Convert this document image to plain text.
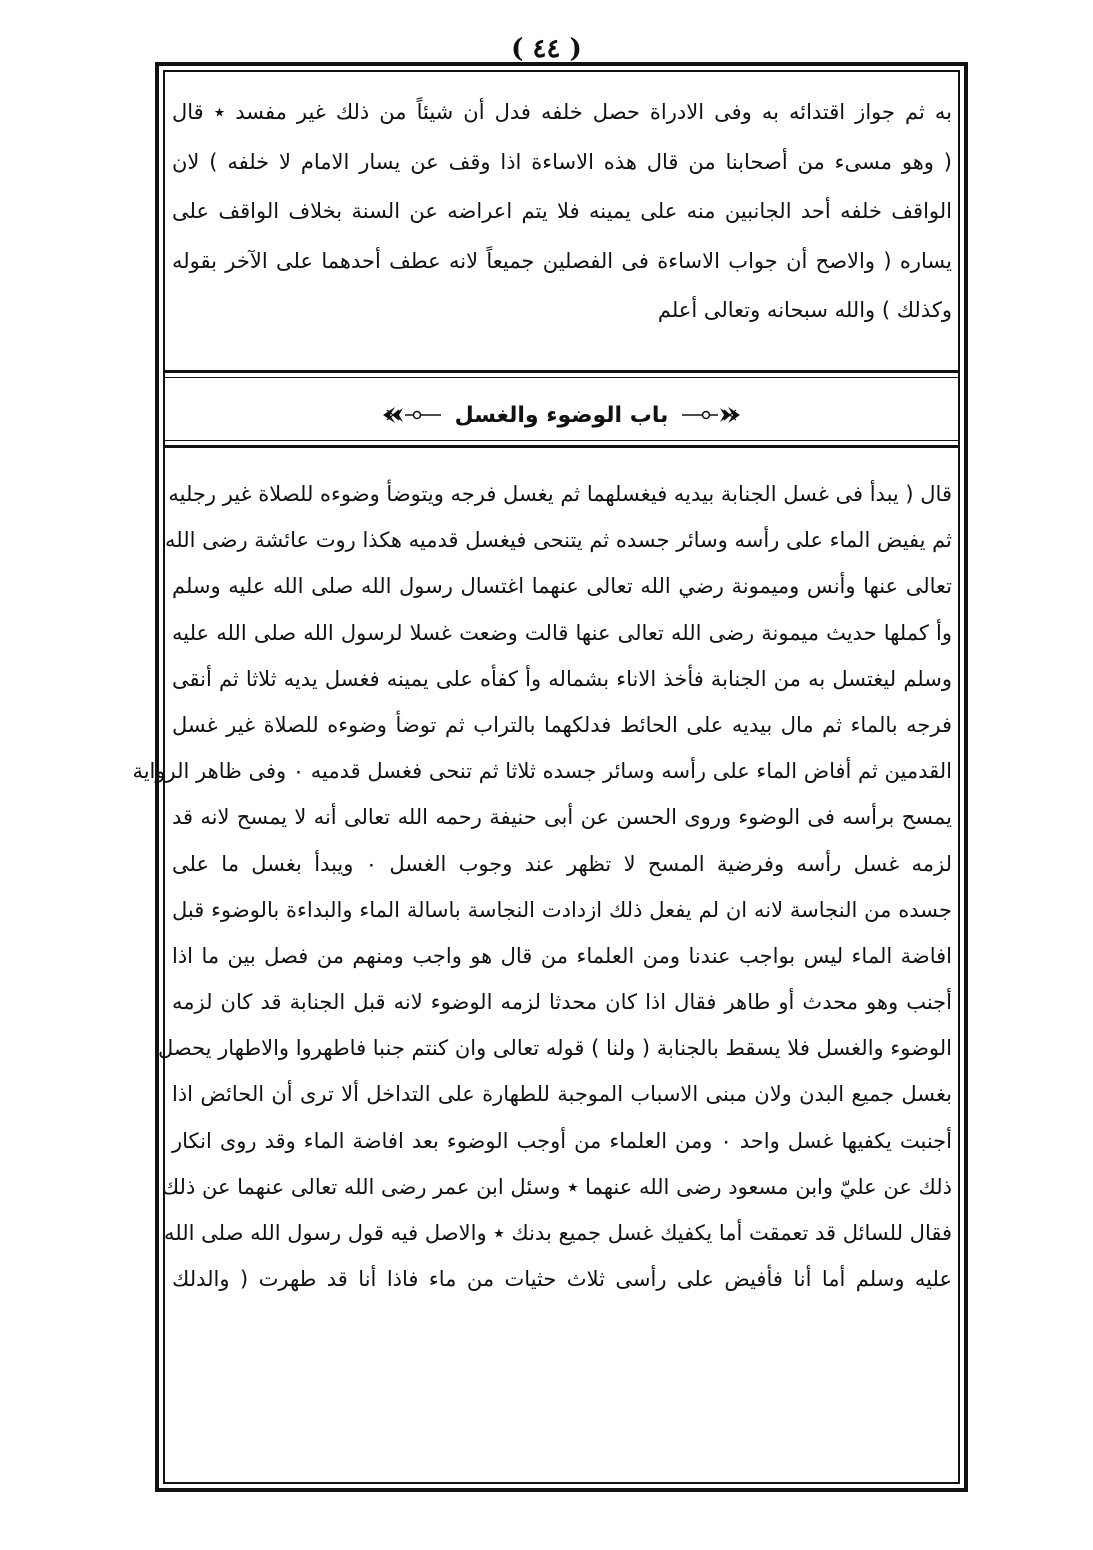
( ٤٤ )
به ثم جواز اقتدائه به وفى الادراة حصل خلفه فدل أن شيئاً من ذلك غير مفسد ٭ قال
( وهو مسىء من أصحابنا من قال هذه الاساءة اذا وقف عن يسار الامام لا خلفه ) لان
الواقف خلفه أحد الجانبين منه على يمينه فلا يتم اعراضه عن السنة بخلاف الواقف على
يساره ( والاصح أن جواب الاساءة فى الفصلين جميعاً لانه عطف أحدهما على الآخر بقوله
وكذلك ) والله سبحانه وتعالى أعلم
باب الوضوء والغسل
قال ( يبدأ فى غسل الجنابة بيديه فيغسلهما ثم يغسل فرجه ويتوضأ وضوءه للصلاة غير رجليه
ثم يفيض الماء على رأسه وسائر جسده ثم يتنحى فيغسل قدميه هكذا روت عائشة رضى الله
تعالى عنها وأنس وميمونة رضي الله تعالى عنهما اغتسال رسول الله صلى الله عليه وسلم
وأ كملها حديث ميمونة رضى الله تعالى عنها قالت وضعت غسلا لرسول الله صلى الله عليه
وسلم ليغتسل به من الجنابة فأخذ الاناء بشماله وأ كفأه على يمينه فغسل يديه ثلاثا ثم أنقى
فرجه بالماء ثم مال بيديه على الحائط فدلكهما بالتراب ثم توضأ وضوءه للصلاة غير غسل
القدمين ثم أفاض الماء على رأسه وسائر جسده ثلاثا ثم تنحى فغسل قدميه ٠ وفى ظاهر الرواية
يمسح برأسه فى الوضوء وروى الحسن عن أبى حنيفة رحمه الله تعالى أنه لا يمسح لانه قد
لزمه غسل رأسه وفرضية المسح لا تظهر عند وجوب الغسل ٠ ويبدأ بغسل ما على
جسده من النجاسة لانه ان لم يفعل ذلك ازدادت النجاسة باسالة الماء والبداءة بالوضوء قبل
افاضة الماء ليس بواجب عندنا ومن العلماء من قال هو واجب ومنهم من فصل بين ما اذا
أجنب وهو محدث أو طاهر فقال اذا كان محدثا لزمه الوضوء لانه قبل الجنابة قد كان لزمه
الوضوء والغسل فلا يسقط بالجنابة ( ولنا ) قوله تعالى وان كنتم جنبا فاطهروا والاطهار يحصل
بغسل جميع البدن ولان مبنى الاسباب الموجبة للطهارة على التداخل ألا ترى أن الحائض اذا
أجنبت يكفيها غسل واحد ٠ ومن العلماء من أوجب الوضوء بعد افاضة الماء وقد روى انكار
ذلك عن عليّ وابن مسعود رضى الله عنهما ٭ وسئل ابن عمر رضى الله تعالى عنهما عن ذلك
فقال للسائل قد تعمقت أما يكفيك غسل جميع بدنك ٭ والاصل فيه قول رسول الله صلى الله
عليه وسلم أما أنا فأفيض على رأسى ثلاث حثيات من ماء فاذا أنا قد طهرت ( والدلك
